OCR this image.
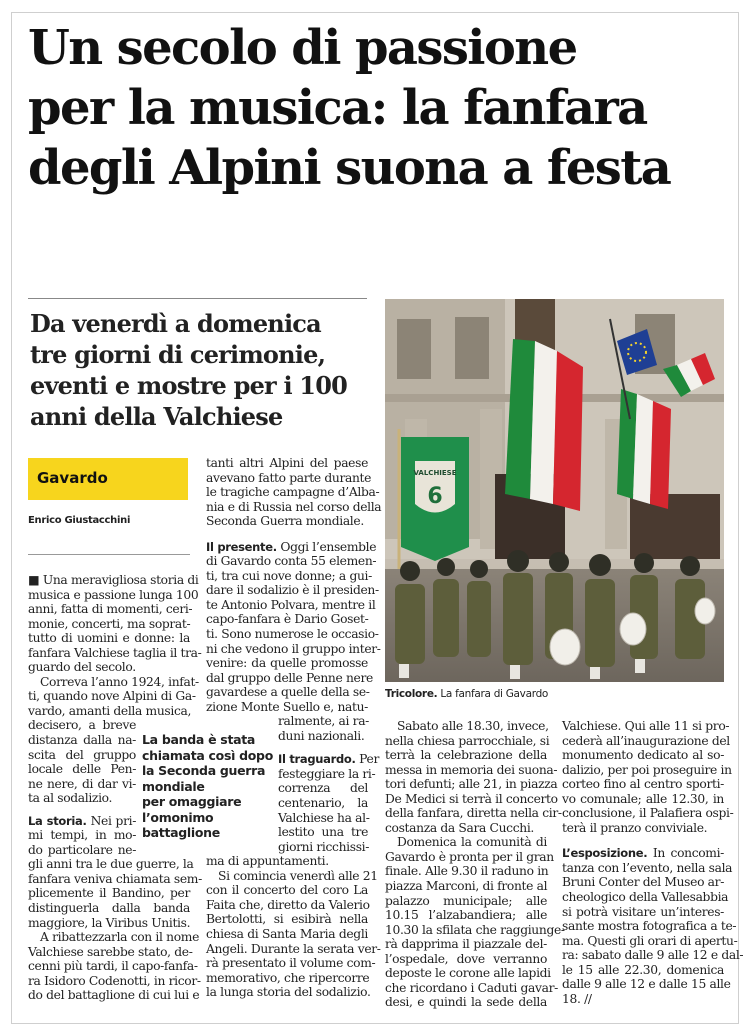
Un secolo di passione
per la musica: la fanfara
degli Alpini suona a festa
Da venerdì a domenica
tre giorni di cerimonie,
eventi e mostre per i 100
anni della Valchiese
Gavardo
Enrico Giustacchini

■ Una meravigliosa storia di
musica e passione lunga 100
anni, fatta di momenti, ceri-
monie, concerti, ma soprat-
tutto di uomini e donne: la
fanfara Valchiese taglia il tra-
guardo del secolo.

Correva l’anno 1924, infat-
ti, quando nove Alpini di Ga-
vardo, amanti della musica,
decisero, a breve
distanza dalla na-
scita del gruppo
locale delle Pen-
ne nere, di dar vi-
ta al sodalizio.

La storia. Nei pri-
mi tempi, in mo-
do particolare ne-
gli anni tra le due guerre, la
fanfara veniva chiamata sem-
plicemente il Bandino, per
distinguerla dalla banda
maggiore, la Viribus Unitis.

A ribattezzarla con il nome
Valchiese sarebbe stato, de-
cenni più tardi, il capo-fanfa-
ra Isidoro Codenotti, in ricor-
do del battaglione di cui lui e

La banda è stata
chiamata così dopo
la Seconda guerra
mondiale
per omaggiare
l’omonimo
battaglione

tanti altri Alpini del paese
avevano fatto parte durante
le tragiche campagne d’Alba-
nia e di Russia nel corso della
Seconda Guerra mondiale.

Il presente. Oggi l’ensemble
di Gavardo conta 55 elemen-
ti, tra cui nove donne; a gui-
dare il sodalizio è il presiden-
te Antonio Polvara, mentre il
capo-fanfara è Dario Goset-
ti. Sono numerose le occasio-
ni che vedono il gruppo inter-
venire: da quelle promosse
dal gruppo delle Penne nere
gavardese a quelle della se-
zione Monte Suello e, natu-
ralmente, ai ra-
duni nazionali.

Il traguardo. Per
festeggiare la ri-
correnza del
centenario, la
Valchiese ha al-
lestito una tre
giorni ricchissi-

ma di appuntamenti.
Si comincia venerdì alle 21
con il concerto del coro La
Faita che, diretto da Valerio
Bertolotti, si esibirà nella
chiesa di Santa Maria degli
Angeli. Durante la serata ver-
rà presentato il volume com-
memorativo, che ripercorre
la lunga storia del sodalizio.

VALCHIESE
6
Tricolore. La fanfara di Gavardo

Sabato alle 18.30, invece,
nella chiesa parrocchiale, si
terrà la celebrazione della
messa in memoria dei suona-
tori defunti; alle 21, in piazza
De Medici si terrà il concerto
della fanfara, diretta nella cir-
costanza da Sara Cucchi.
Domenica la comunità di
Gavardo è pronta per il gran
finale. Alle 9.30 il raduno in
piazza Marconi, di fronte al
palazzo municipale; alle
10.15 l’alzabandiera; alle
10.30 la sfilata che raggiunge-
rà dapprima il piazzale del-
l’ospedale, dove verranno
deposte le corone alle lapidi
che ricordano i Caduti gavar-
desi, e quindi la sede della

Valchiese. Qui alle 11 si pro-
cederà all’inaugurazione del
monumento dedicato al so-
dalizio, per poi proseguire in
corteo fino al centro sporti-
vo comunale; alle 12.30, in
conclusione, il Palafiera ospi-
terà il pranzo conviviale.

L’esposizione. In concomi-
tanza con l’evento, nella sala
Bruni Conter del Museo ar-
cheologico della Vallesabbia
si potrà visitare un’interes-
sante mostra fotografica a te-
ma. Questi gli orari di apertu-
ra: sabato dalle 9 alle 12 e dal-
le 15 alle 22.30, domenica
dalle 9 alle 12 e dalle 15 alle
18. //
